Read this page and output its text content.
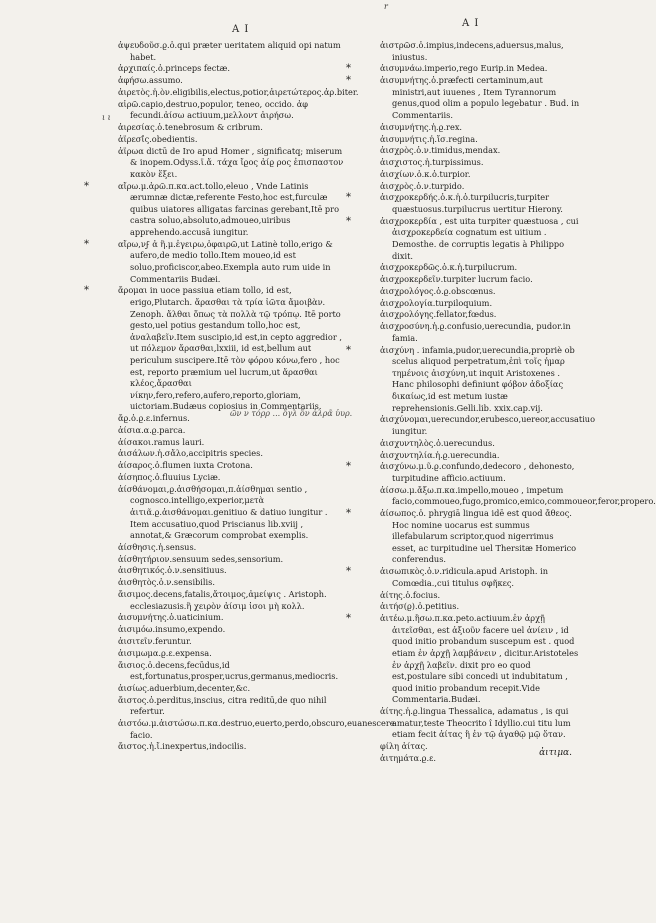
A I
A I
r
ι ι
ἀψευδοῦσ.ϱ.ὁ.qui præter ueritatem aliquid opi natum habet.
ἀρχιπαίς.ὁ.princeps fectæ.
ἀφήσω.assumo.
ἀιρετὸς.ἡ.ὸν.eligibilis,electus,potior,ἀιρετώτερος.ἀρ.biter.
αἱρῶ.capio,destruo,populor, teneo, occido. ἀφ fecundi.ἀίσω actiuum,μελλοντ ἀιρήσω.
ἀιρεσίας.ὁ.tenebrosum & cribrum.
ἀϊρεσί̂ς.obedientis.
ἀϊρωα dictū de Iro apud Homer , significatq; miserum & inopem.Odyss.ϊ.ἄ. τάχα ἴϱος ἀίϱ ρος ἐπισπαστον κακὸν ἕξει.
* αἴρω.μ.ἀρῶ.π.κα.act.tollo,eleuo , Vnde Latinis ærumnæ dictæ,referente Festo,hoc est,furculæ quibus uiatores alligatas farcinas gerebant,Itē pro castra soluo,absoluto,admoueo,uiribus apprehendo.accusā iungitur.
* αἴρω,νϝ ἀ ἢ.μ.ἐγειρω,ὀφαιρῶ,ut Latinè tollo,erigo & aufero,de medio tollo.Item moueo,id est soluo,proficiscor,abeo.Exempla auto rum uide in Commentariis Budæi.
* ἄρομαι in uoce passiua etiam tollo, id est, erigo,Plutarch. ἄρασθαι τὰ τρία ἰῶτα ἄμοιβὰν. Zenoph. ἄλθαι ὅπως τὰ πολλὰ τῷ τρόπῳ. Itē porto gesto,uel potius gestandum tollo,hoc est, ἀναλαβεῖν.Item suscipio,id est,in cepto aggredior , ut πόλεμον ἄρασθαι,lxxiii, id est,bellum aut periculum suscipere.Itē τὸν φόρου κόνω,fero , hoc est, reporto præmium uel lucrum,ut ἄρασθαι κλέος,ἄρασθαι νίκην,fero,refero,aufero,reporto,gloriam, uictoriam.Budæus copiosius in Commentariis.
ἄϱ.ὁ.ϱ.ε.infernus.
ἀίσια.α.ϱ.parca.
ἀίσακοι.ramus lauri.
ἀισάλων.ἡ.σἄλο,accipitris species.
ἀίσαρος.ὁ.flumen iuxta Crotona.
ἀίσηπος.ὁ.fluuius Lyciæ.
ἀίσθάνομαι,ϱ.ἀισθήσομαι,π.ἀίσθημαι sentio , cognosco.intelligo,experior,μετὰ ἀιτιᾶ.ϱ.ἀισθάνομαι.genitiuo & datiuo iungitur . Item accusatiuo,quod Priscianus lib.xviij , annotat,& Græcorum comprobat exemplis.
ἀίσθησις.ἡ.sensus.
ἀίσθητήριον.sensuum sedes,sensorium.
ἀισθητικός.ὁ.ν.sensitiuus.
ἀισθητὸς.ὁ.ν.sensibilis.
ἄισιμος.decens,fatalis,ἄτοιμος,ἀμείψις . Aristoph. ecclesiazusis.ἢ χειρὸν ἀίσιμ ἰσοι μὴ κολλ.
ἀισυμνήτης.ὁ.uaticinium.
ἀισιμόω.insumo,expendo.
ἀισιτεῖν.feruntur.
ἀισιμωμα.ϱ.ε.expensa.
ἄισιος.ὁ.decens,fecūdus,id est,fortunatus,prosper,ucrus,germanus,mediocris.
ἀισίως.aduerbium,decenter,&c.
ἄιστος.ὁ.perditus,inscius, citra reditū,de quo nihil refertur.
ἀιστόω.μ.ἀιστώσω.π.κα.destruo,euerto,perdo,obscuro,euanescere facio.
ἄιστος.ἡ.ἴ.inexpertus,indocilis.
ἀιστρῶσ.ὁ.impius,indecens,aduersus,malus, iniustus.
* ἀισυμνάω.imperio,rego Eurip.in Medea.
* ἀισυμνήτης.ὁ.præfecti certaminum,aut ministri,aut iuuenes , Item Tyrannorum genus,quod olim a populo legebatur . Bud. in Commentariis.
ἀισυμνήτης.ἡ.ϱ.rex.
ἀισυμνήτις.ἡ.ἴσ.regina.
ἀισχρὸς.ὁ.ν.timidus,mendax.
ἀισχιστος.ἡ.turpissimus.
ἀισχίων.ὁ.κ.ὁ.turpior.
ἀισχρὸς.ὁ.ν.turpido.
* ἀισχροκερδής.ὁ.κ.ἡ.ὁ.turpilucris,turpiter quæstuosus.turpilucrus uertitur Hierony.
* ἀισχροκερδία , est uita turpiter quæstuosa , cui ἀισχροκερδεία cognatum est uitium . Demosthe. de corruptis legatis à Philippo dixit.
ἀισχροκερδῶς.ὁ.κ.ἡ.turpilucrum.
ἀισχροκερδεῖν.turpiter lucrum facio.
ἀισχρολόγος.ὁ.ϱ.obscœnus.
ἀισχρολογία.turpiloquium.
ἀισχρολόγης.fellator,fœdus.
ἀισχροσύνη.ἡ.ϱ.confusio,uerecundia, pudor.in famia.
* ἀισχύνη . infamia,pudor,uerecundia,propriè ob scelus aliquod perpetratum,ἐπὶ τοῖς ἡμαρ τημένοις ἀισχύνη,ut inquit Aristoxenes . Hanc philosophi definiunt φόβον ἀδοξίας δικαίως,id est metum iustæ reprehensionis.Gelli.lib. xxix.cap.vij.
ἀισχύνομαι,uerecundor,erubesco,uereor,accusatiuo iungitur.
ἀισχυντηλὸς.ὁ.uerecundus.
ἀισχυντηλία.ἡ.ϱ.uerecundia.
* ἀισχύνω.μ.ῦ.ϱ.confundo,dedecoro , dehonesto, turpitudine afficio.actiuum.
ἀίσσω.μ.ἄξω.π.κα.impello,moueo , impetum facio,commoueo,fugo,promico,emico,commoueor,feror,propero.
* ἀίσωπος.ὁ. phrygiā lingua idē est quod ἄθεος. Hoc nomine uocarus est summus illefabularum scriptor,quod nigerrimus esset, ac turpitudine uel Thersitæ Homerico conferendus.
* ἀισωπικὸς.ὁ.ν.ridicula.apud Aristoph. in Comœdia.,cui titulus σφῆκες.
ἀίτης.ὁ.focius.
ἀιτήσ(ϱ).ὁ.petitius.
* ἀιτέω.μ.ἢσω.π.κα.peto.actiuum.ἐν ἀρχῇ ἀιτεῖσθαι, est ἀξιοῦν facere uel ἀνίειν , id quod initio probandum suscepum est . quod etiam ἐν ἀρχῇ λαμβάνειν , dicitur.Aristoteles ἐν ἀρχῇ λαβεῖν. dixit pro eo quod est,postulare sibi concedi ut indubitatum , quod initio probandum recepit.Vide Commentaria.Budæi.
ἀίτης.ἡ.ϱ.lingua Thessalica, adamatus , is qui amatur,teste Theocrito î Idyllio.cui titu lum etiam fecit ἀίτας ἢ ἐν τῷ ἀγαθῷ μῷ ὅταν.
φίλη ἀίτας.
ἀιτημάτα.ϱ.ε.
ῶν ν τόρρ ... ὅγλ ὅν ἀλρᾶ ὑυρ.
ἀιτιμα.
